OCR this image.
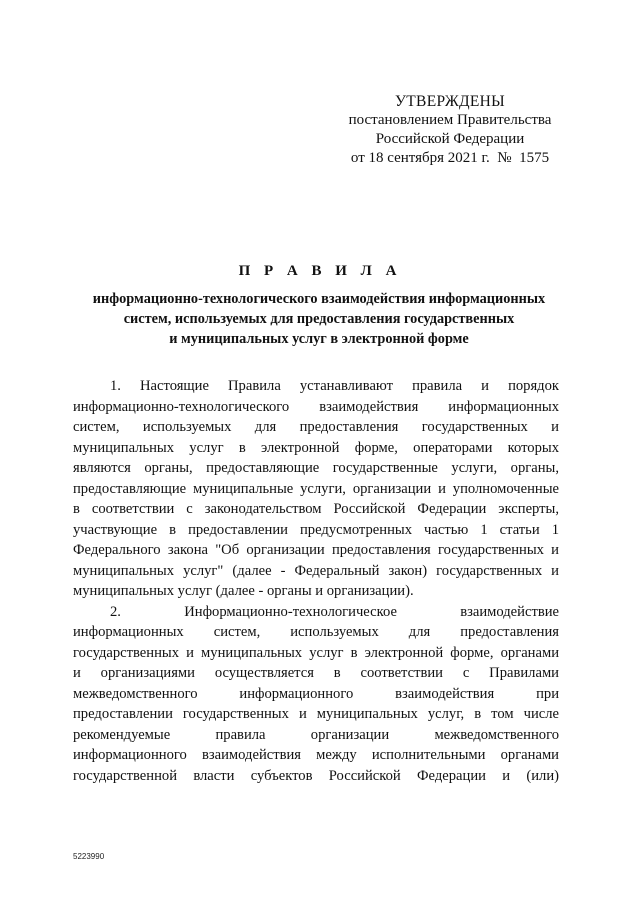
УТВЕРЖДЕНЫ
постановлением Правительства
Российской Федерации
от 18 сентября 2021 г.  №  1575
П Р А В И Л А
информационно-технологического взаимодействия информационных
систем, используемых для предоставления государственных
и муниципальных услуг в электронной форме
1. Настоящие Правила устанавливают правила и порядок
информационно-технологического взаимодействия информационных
систем, используемых для предоставления государственных и
муниципальных услуг в электронной форме, операторами которых
являются органы, предоставляющие государственные услуги, органы,
предоставляющие муниципальные услуги, организации и уполномоченные
в соответствии с законодательством Российской Федерации эксперты,
участвующие в предоставлении предусмотренных частью 1 статьи 1
Федерального закона "Об организации предоставления государственных и
муниципальных услуг" (далее - Федеральный закон) государственных и
муниципальных услуг (далее - органы и организации).
2. Информационно-технологическое взаимодействие
информационных систем, используемых для предоставления
государственных и муниципальных услуг в электронной форме, органами
и организациями осуществляется в соответствии с Правилами
межведомственного информационного взаимодействия при
предоставлении государственных и муниципальных услуг, в том числе
рекомендуемые правила организации межведомственного
информационного взаимодействия между исполнительными органами
государственной власти субъектов Российской Федерации и (или)
5223990
